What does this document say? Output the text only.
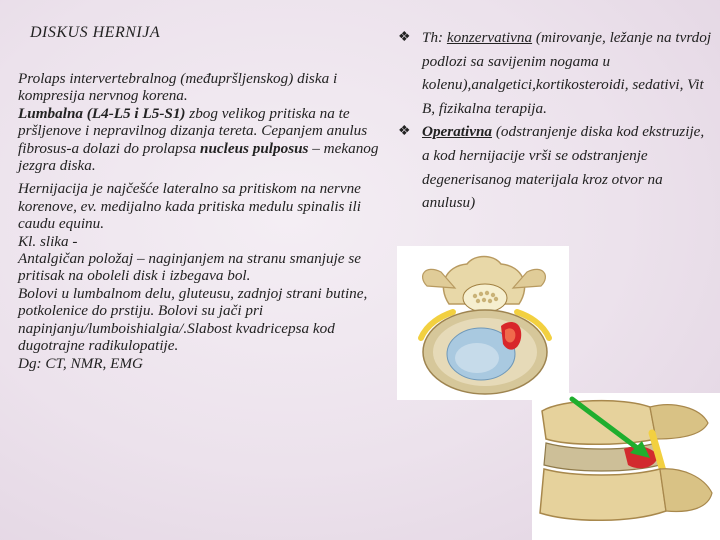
DISKUS HERNIJA

Prolaps intervertebralnog (međupršljenskog) diska i kompresija nervnog korena.

Lumbalna (L4-L5 i L5-S1) zbog velikog pritiska na te pršljenove i nepravilnog dizanja tereta. Cepanjem anulus fibrosus-a dolazi do prolapsa nucleus pulposus – mekanog jezgra diska.

Hernijacija je najčešće lateralno sa pritiskom na nervne korenove, ev. medijalno kada pritiska medulu spinalis ili caudu equinu.

Kl. slika -

Antalgičan položaj – naginjanjem na stranu smanjuje se pritisak na oboleli disk i izbegava bol.

Bolovi u lumbalnom delu, gluteusu, zadnjoj strani butine, potkolenice do prstiju. Bolovi su jači pri napinjanju/lumboishialgia/.Slabost kvadricepsa kod dugotrajne radikulopatije.

Dg: CT, NMR, EMG

❖ Th: konzervativna (mirovanje, ležanje na tvrdoj podlozi sa savijenim nogama u kolenu),analgetici,kortikosteroidi, sedativi, Vit B, fizikalna terapija.
❖ Operativna (odstranjenje diska kod ekstruzije, a kod hernijacije vrši se odstranjenje degenerisanog materijala kroz otvor na anulusu)
